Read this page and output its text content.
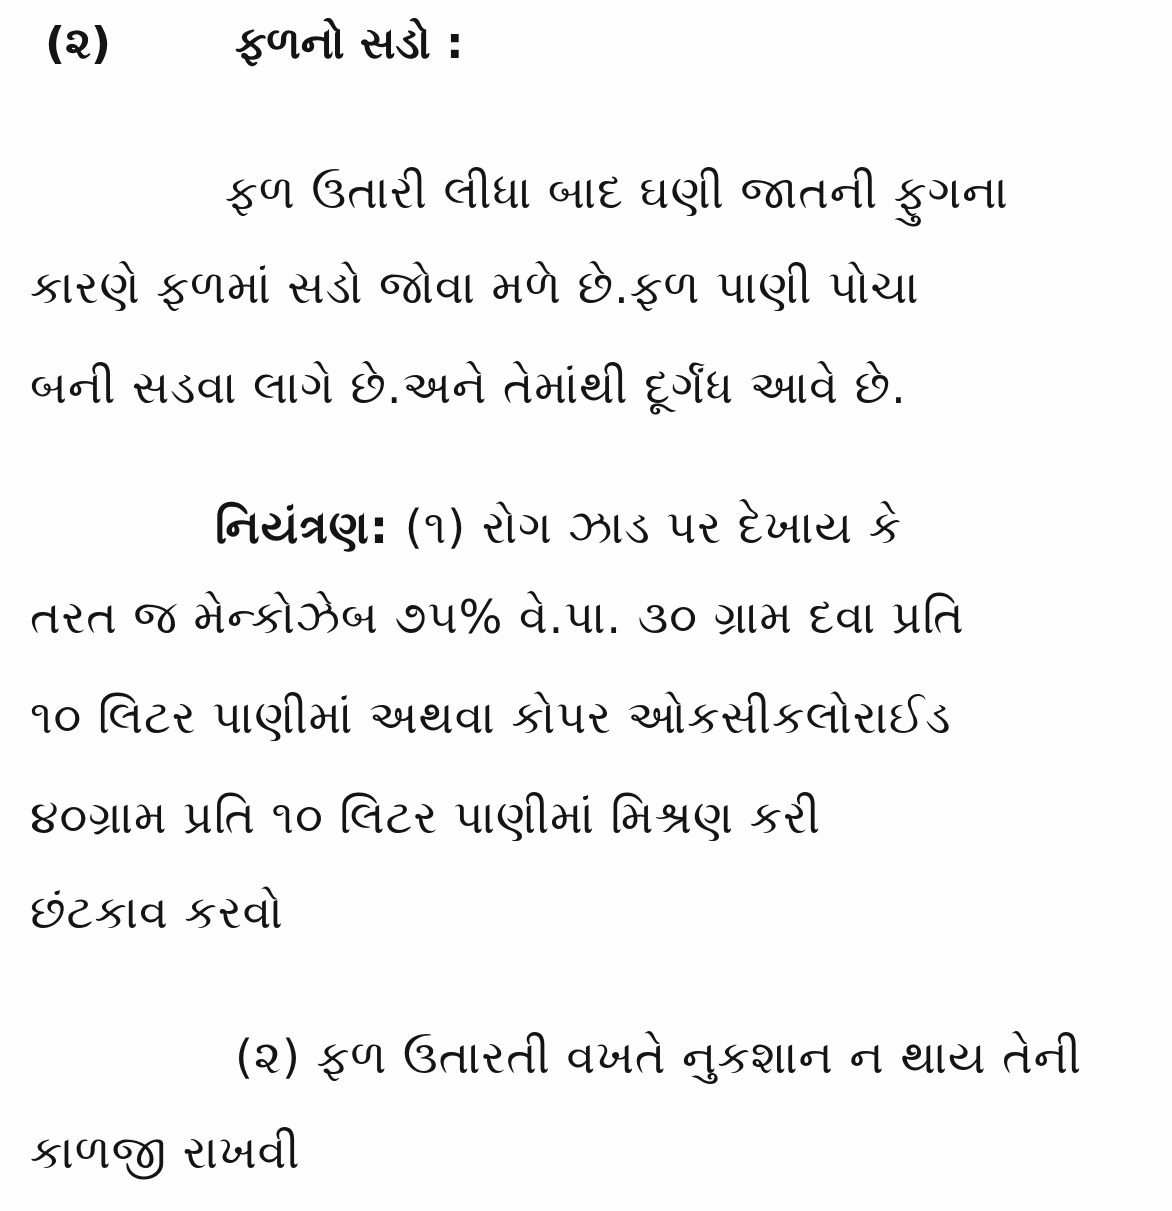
(૨)	ફળનો સડો :
ફળ ઉતારી લીધા બાદ ઘણી જાતની ફુગના
કારણે ફળમાં સડો જોવા મળે છે.ફળ પાણી પોચા
બની સડવા લાગે છે.અને તેમાંથી દૂર્ગંધ આવે છે.
નિયંત્રણ: (૧) રોગ ઝાડ પર દેખાય કે
તરત જ મેન્કોઝેબ ૭૫% વે.પા. ૩૦ ગ્રામ દવા પ્રતિ
૧૦ લિટર પાણીમાં અથવા કોપર ઓકસીકલોરાઈડ
૪૦ગ્રામ પ્રતિ ૧૦ લિટર પાણીમાં મિશ્રણ કરી
છંટકાવ કરવો
(૨) ફળ ઉતારતી વખતે નુકશાન ન થાય તેની
કાળજી રાખવી
